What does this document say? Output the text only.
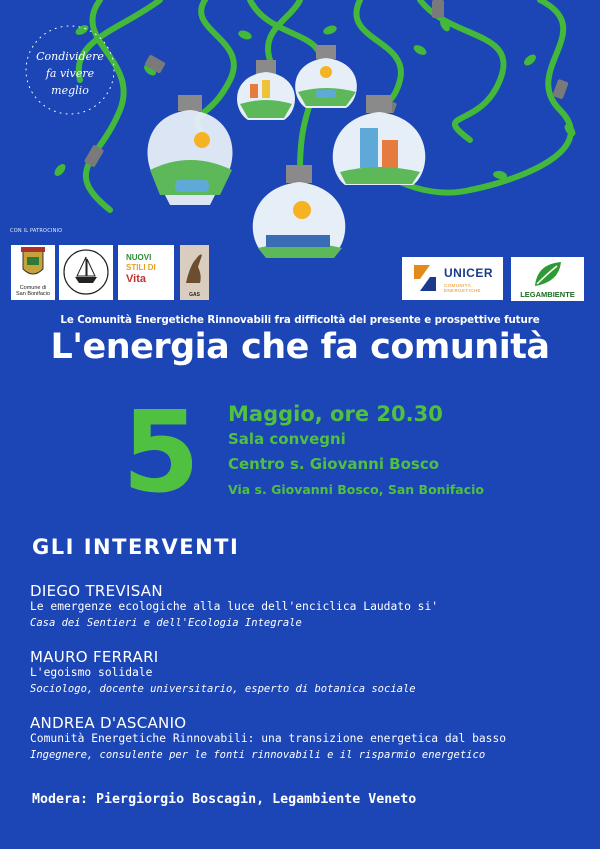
Condividere
fa vivere
meglio
CON IL PATROCINIO
Comune di
San Bonifacio
NUOVI
STILI DI
Vita
GAS
UNICER
COMUNITÀ
ENERGETICHE	LEGAMBIENTE
Le Comunità Energetiche Rinnovabili fra difficoltà del presente e prospettive future
L'energia che fa comunità
5	Maggio, ore 20.30
Sala convegni
Centro s. Giovanni Bosco
Via s. Giovanni Bosco, San Bonifacio
GLI INTERVENTI
DIEGO TREVISAN
Le emergenze ecologiche alla luce dell'enciclica Laudato si'
Casa dei Sentieri e dell'Ecologia Integrale
MAURO FERRARI
L'egoismo solidale
Sociologo, docente universitario, esperto di botanica sociale
ANDREA D'ASCANIO
Comunità Energetiche Rinnovabili: una transizione energetica dal basso
Ingegnere, consulente per le fonti rinnovabili e il risparmio energetico
Modera: Piergiorgio Boscagin, Legambiente Veneto
